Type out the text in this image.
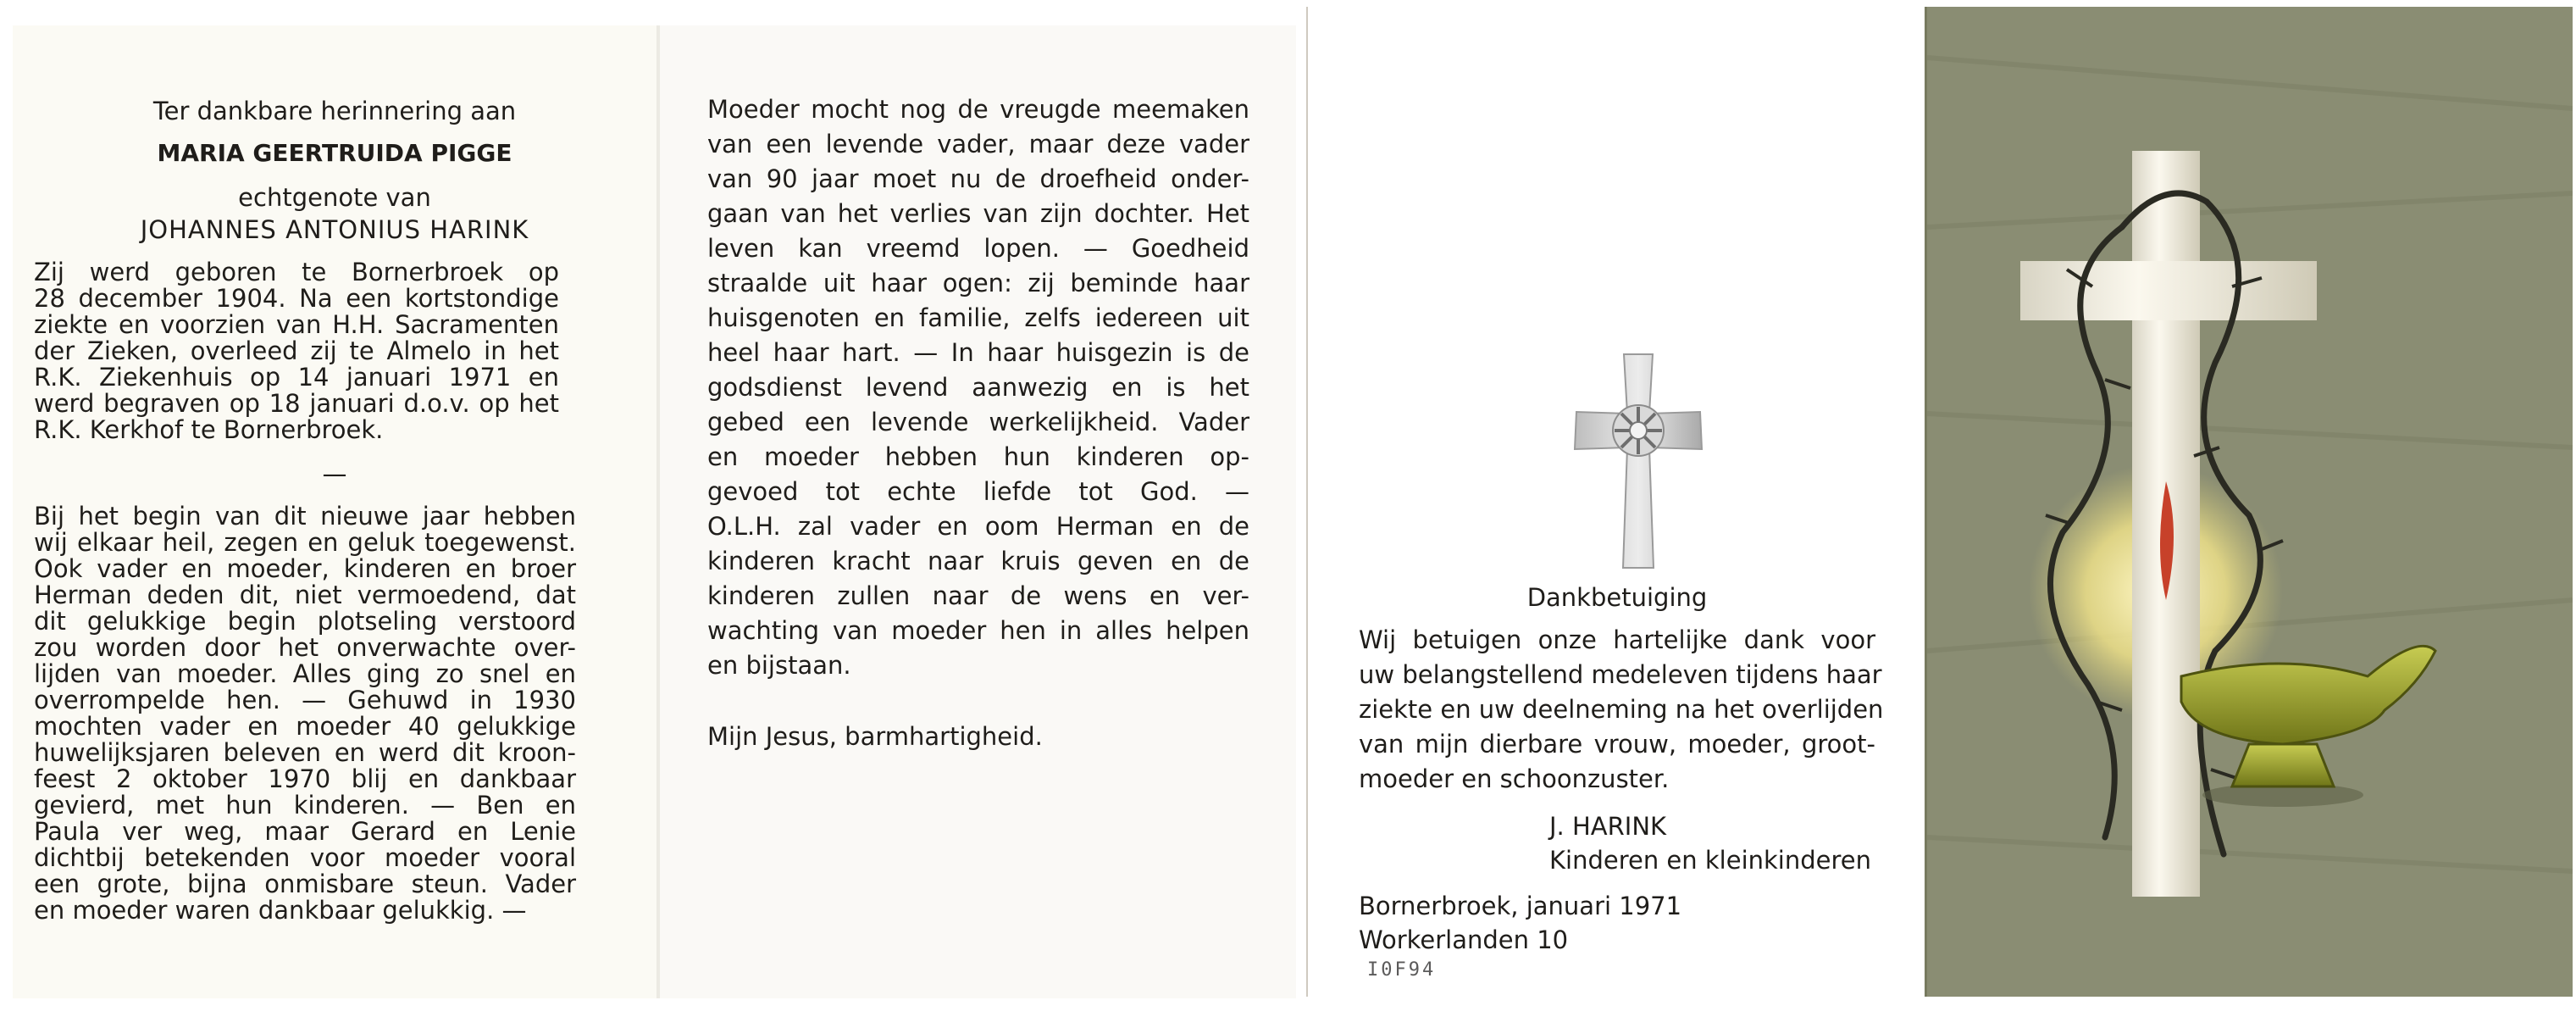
Ter dankbare herinnering aan
MARIA GEERTRUIDA PIGGE
echtgenote van
JOHANNES ANTONIUS HARINK
Zij werd geboren te Bornerbroek op
28 december 1904. Na een kortstondige
ziekte en voorzien van H.H. Sacramenten
der Zieken, overleed zij te Almelo in het
R.K. Ziekenhuis op 14 januari 1971 en
werd begraven op 18 januari d.o.v. op het
R.K. Kerkhof te Bornerbroek.
—
Bij het begin van dit nieuwe jaar hebben
wij elkaar heil, zegen en geluk toegewenst.
Ook vader en moeder, kinderen en broer
Herman deden dit, niet vermoedend, dat
dit gelukkige begin plotseling verstoord
zou worden door het onverwachte over-
lijden van moeder. Alles ging zo snel en
overrompelde hen. — Gehuwd in 1930
mochten vader en moeder 40 gelukkige
huwelijksjaren beleven en werd dit kroon-
feest 2 oktober 1970 blij en dankbaar
gevierd, met hun kinderen. — Ben en
Paula ver weg, maar Gerard en Lenie
dichtbij betekenden voor moeder vooral
een grote, bijna onmisbare steun. Vader
en moeder waren dankbaar gelukkig. —
Moeder mocht nog de vreugde meemaken
van een levende vader, maar deze vader
van 90 jaar moet nu de droefheid onder-
gaan van het verlies van zijn dochter. Het
leven kan vreemd lopen. — Goedheid
straalde uit haar ogen: zij beminde haar
huisgenoten en familie, zelfs iedereen uit
heel haar hart. — In haar huisgezin is de
godsdienst levend aanwezig en is het
gebed een levende werkelijkheid. Vader
en moeder hebben hun kinderen op-
gevoed tot echte liefde tot God. —
O.L.H. zal vader en oom Herman en de
kinderen kracht naar kruis geven en de
kinderen zullen naar de wens en ver-
wachting van moeder hen in alles helpen
en bijstaan.
Mijn Jesus, barmhartigheid.
Dankbetuiging
Wij betuigen onze hartelijke dank voor
uw belangstellend medeleven tijdens haar
ziekte en uw deelneming na het overlijden
van mijn dierbare vrouw, moeder, groot-
moeder en schoonzuster.
J. HARINK
Kinderen en kleinkinderen
Bornerbroek, januari 1971
Workerlanden 10
I0F94
